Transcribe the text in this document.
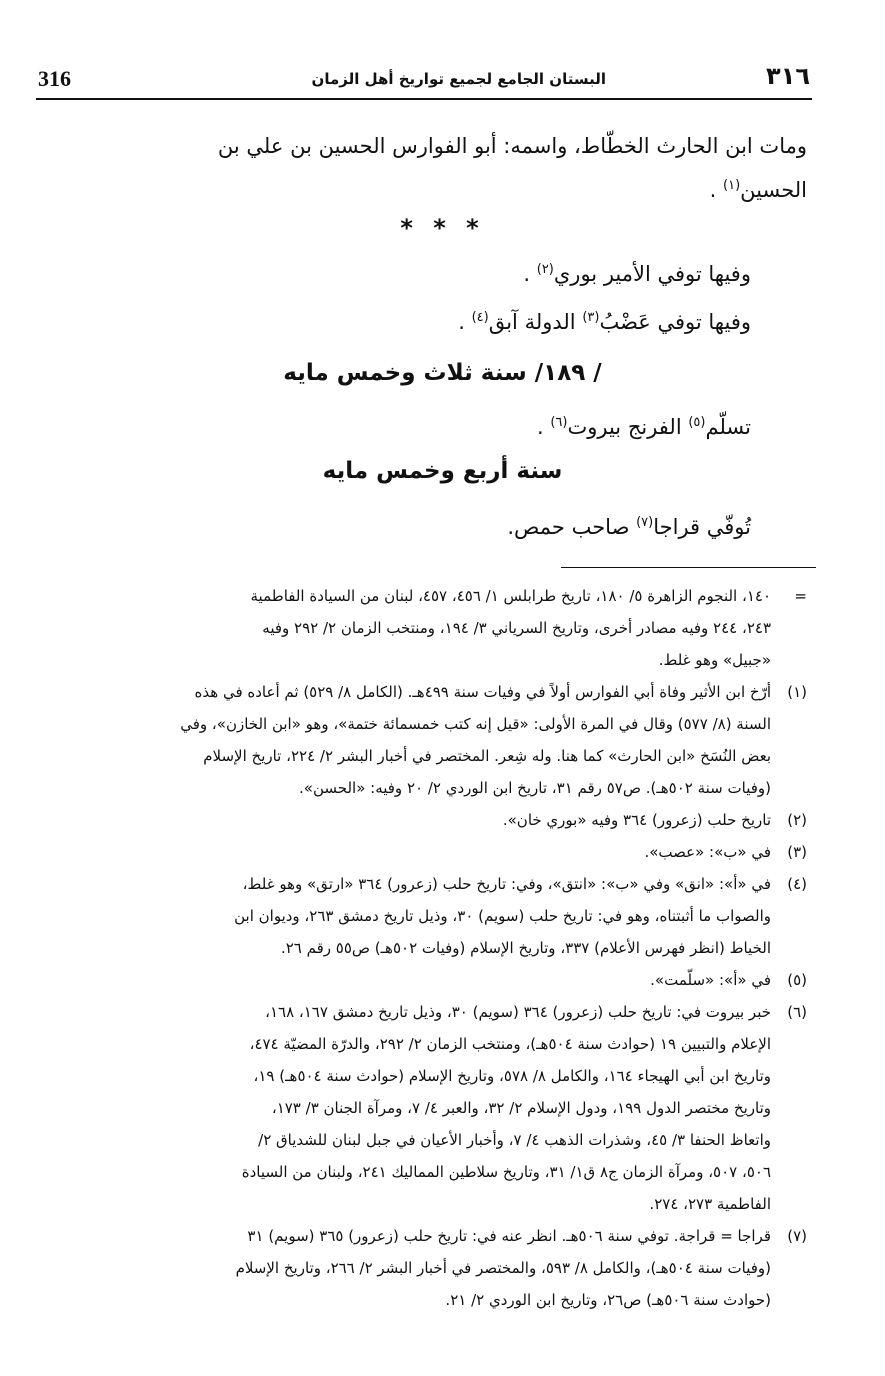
316	البستان الجامع لجميع تواريخ أهل الزمان	٣١٦
ومات ابن الحارث الخطّاط، واسمه: أبو الفوارس الحسين بن علي بن
الحسين$^{(١)}$ .
* * *
وفيها توفي الأمير بوري$^{(٢)}$ .
وفيها توفي عَضْبُ$^{(٣)}$ الدولة آبق$^{(٤)}$ .
/ ١٨٩/ سنة ثلاث وخمس مايه
تسلّم$^{(٥)}$ الفرنج بيروت$^{(٦)}$ .
سنة أربع وخمس مايه
تُوفّي قراجا$^{(٧)}$ صاحب حمص.
=
١٤٠، النجوم الزاهرة ٥/ ١٨٠، تاريخ طرابلس ١/ ٤٥٦، ٤٥٧، لبنان من السيادة الفاطمية
٢٤٣، ٢٤٤ وفيه مصادر أخرى، وتاريخ السرياني ٣/ ١٩٤، ومنتخب الزمان ٢/ ٢٩٢ وفيه
«جبيل» وهو غلط.
(١)
أرّخ ابن الأثير وفاة أبي الفوارس أولاً في وفيات سنة ٤٩٩هـ. (الكامل ٨/ ٥٢٩) ثم أعاده في هذه
السنة (٨/ ٥٧٧) وقال في المرة الأولى: «قيل إنه كتب خمسمائة ختمة»، وهو «ابن الخازن»، وفي
بعض النُسَخ «ابن الحارث» كما هنا. وله شِعر. المختصر في أخبار البشر ٢/ ٢٢٤، تاريخ الإسلام
(وفيات سنة ٥٠٢هـ). ص٥٧ رقم ٣١، تاريخ ابن الوردي ٢/ ٢٠ وفيه: «الحسن».
(٢)
تاريخ حلب (زعرور) ٣٦٤ وفيه «بوري خان».
(٣)
في «ب»: «عصب».
(٤)
في «أ»: «انق» وفي «ب»: «انتق»، وفي: تاريخ حلب (زعرور) ٣٦٤ «ارتق» وهو غلط،
والصواب ما أثبتناه، وهو في: تاريخ حلب (سويم) ٣٠، وذيل تاريخ دمشق ٢٦٣، وديوان ابن
الخياط (انظر فهرس الأعلام) ٣٣٧، وتاريخ الإسلام (وفيات ٥٠٢هـ) ص٥٥ رقم ٢٦.
(٥)
في «أ»: «سلّمت».
(٦)
خبر بيروت في: تاريخ حلب (زعرور) ٣٦٤ (سويم) ٣٠، وذيل تاريخ دمشق ١٦٧، ١٦٨،
الإعلام والتبيين ١٩ (حوادث سنة ٥٠٤هـ)، ومنتخب الزمان ٢/ ٢٩٢، والدرّة المضيّة ٤٧٤،
وتاريخ ابن أبي الهيجاء ١٦٤، والكامل ٨/ ٥٧٨، وتاريخ الإسلام (حوادث سنة ٥٠٤هـ) ١٩،
وتاريخ مختصر الدول ١٩٩، ودول الإسلام ٢/ ٣٢، والعبر ٤/ ٧، ومرآة الجنان ٣/ ١٧٣،
واتعاظ الحنفا ٣/ ٤٥، وشذرات الذهب ٤/ ٧، وأخبار الأعيان في جبل لبنان للشدياق ٢/
٥٠٦، ٥٠٧، ومرآة الزمان ج٨ ق١/ ٣١، وتاريخ سلاطين المماليك ٢٤١، ولبنان من السيادة
الفاطمية ٢٧٣، ٢٧٤.
(٧)
قراجا = قراجة. توفي سنة ٥٠٦هـ. انظر عنه في: تاريخ حلب (زعرور) ٣٦٥ (سويم) ٣١
(وفيات سنة ٥٠٤هـ)، والكامل ٨/ ٥٩٣، والمختصر في أخبار البشر ٢/ ٢٦٦، وتاريخ الإسلام
(حوادث سنة ٥٠٦هـ) ص٢٦، وتاريخ ابن الوردي ٢/ ٢١.
